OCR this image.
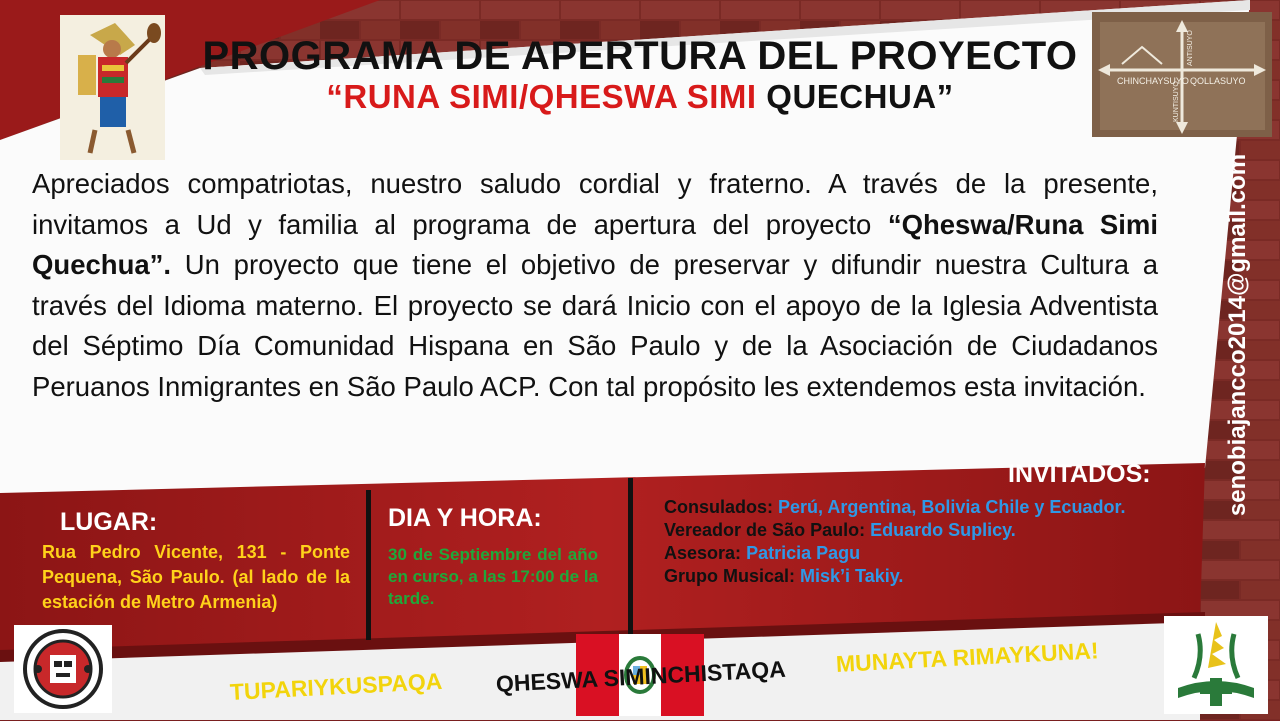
CHINCHAYSUYO QOLLASUYO
KUNTISUYO
ANTISUYO
PROGRAMA DE APERTURA DEL PROYECTO
“RUNA SIMI/QHESWA SIMI QUECHUA”
Apreciados compatriotas, nuestro saludo cordial y fraterno. A través de la presente, invitamos a Ud y familia al programa de apertura del proyecto “Qheswa/Runa Simi Quechua”. Un proyecto que tiene el objetivo de preservar y difundir nuestra Cultura a través del Idioma materno. El proyecto se dará Inicio con el apoyo de la Iglesia Adventista del Séptimo Día Comunidad Hispana en São Paulo y de la Asociación de Ciudadanos Peruanos Inmigrantes en São Paulo ACP. Con tal propósito les extendemos esta invitación.
INVITADOS:
LUGAR:
Rua Pedro Vicente, 131 - Ponte Pequena, São Paulo. (al lado de la estación de Metro Armenia)
DIA Y HORA:
30 de Septiembre del año en curso, a las 17:00 de la tarde.
Consulados: Perú, Argentina, Bolivia Chile y Ecuador.
Vereador de São Paulo: Eduardo Suplicy.
Asesora: Patricia Pagu
Grupo Musical: Misk’i Takiy.
senobiajancco2014@gmail.com
TUPARIYKUSPAQA QHESWA SIMINCHISTAQA MUNAYTA RIMAYKUNA!
